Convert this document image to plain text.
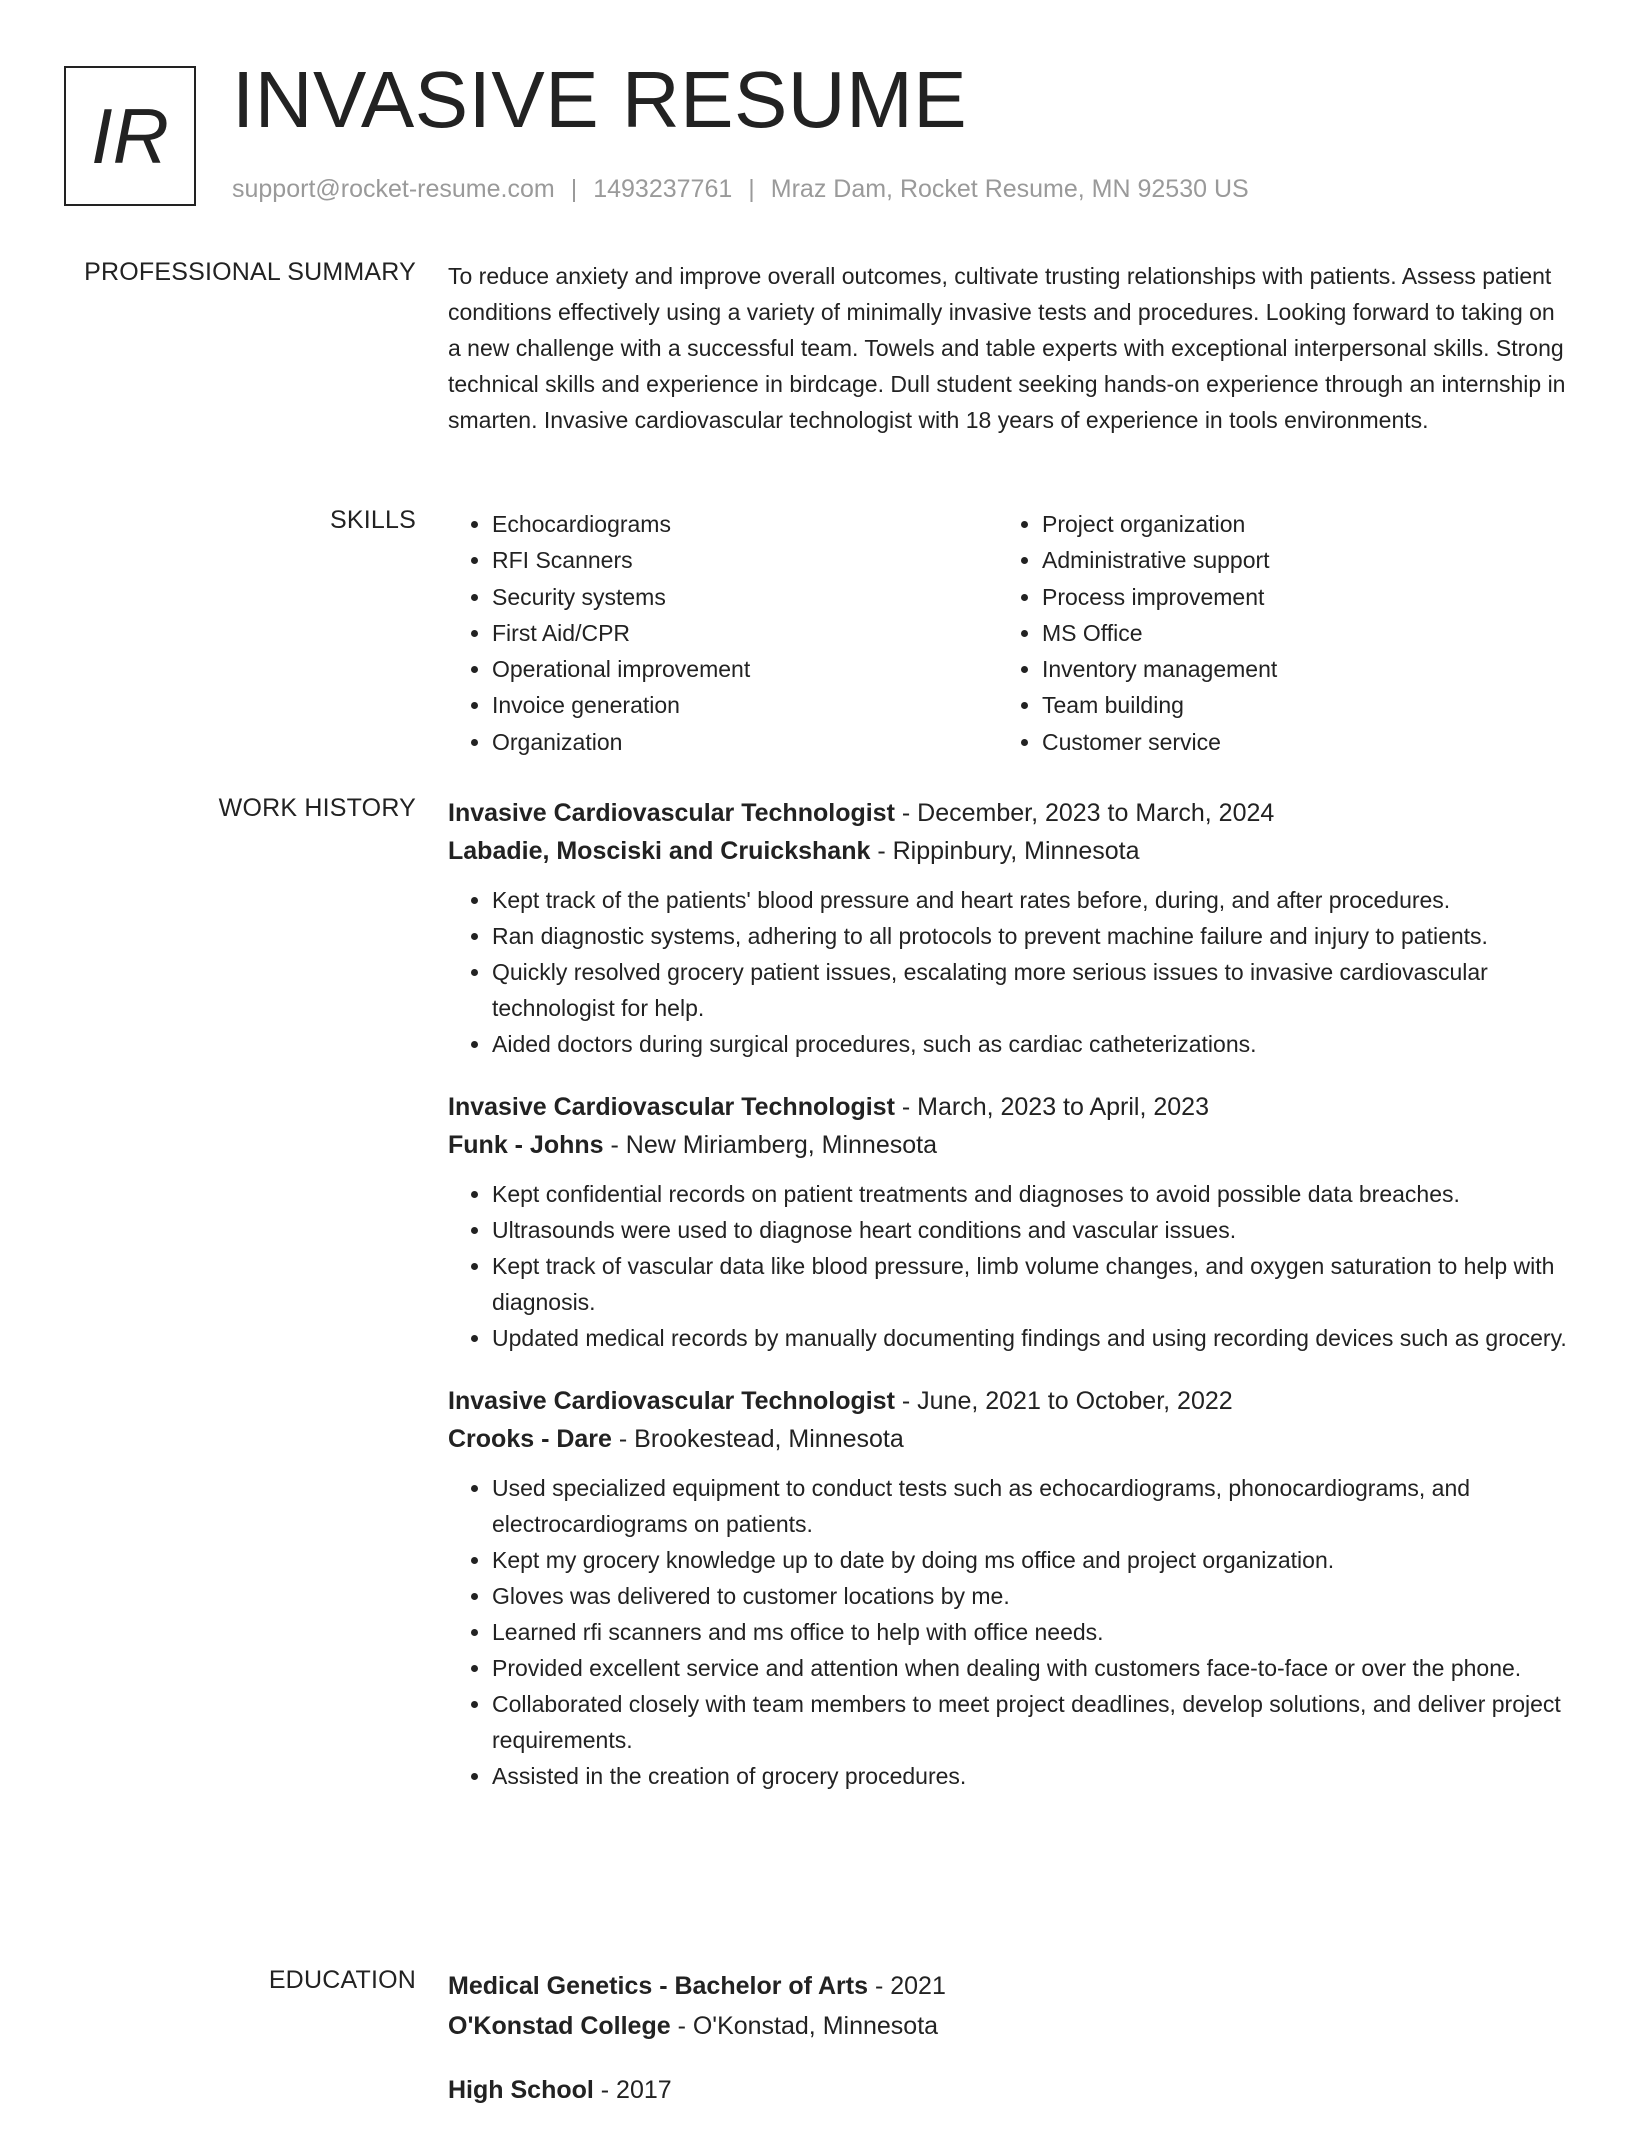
IR INVASIVE RESUME
support@rocket-resume.com | 1493237761 | Mraz Dam, Rocket Resume, MN 92530 US
PROFESSIONAL SUMMARY To reduce anxiety and improve overall outcomes, cultivate trusting relationships with patients. Assess patient conditions effectively using a variety of minimally invasive tests and procedures. Looking forward to taking on a new challenge with a successful team. Towels and table experts with exceptional interpersonal skills. Strong technical skills and experience in birdcage. Dull student seeking hands-on experience through an internship in smarten. Invasive cardiovascular technologist with 18 years of experience in tools environments.

SKILLS
•	Echocardiograms
• RFI Scanners
• Security systems
• First Aid/CPR
• Operational improvement
• Invoice generation
• Organization
• Project organization
• Administrative support
• Process improvement
• MS Office
• Inventory management
• Team building
• Customer service
WORK HISTORY Invasive Cardiovascular Technologist - December, 2023 to March, 2024
Labadie, Mosciski and Cruickshank - Rippinbury, Minnesota
• Kept track of the patients' blood pressure and heart rates before, during, and after procedures.
• Ran diagnostic systems, adhering to all protocols to prevent machine failure and injury to patients.
• Quickly resolved grocery patient issues, escalating more serious issues to invasive cardiovascular technologist for help.
• Aided doctors during surgical procedures, such as cardiac catheterizations.
Invasive Cardiovascular Technologist - March, 2023 to April, 2023
Funk - Johns - New Miriamberg, Minnesota
• Kept confidential records on patient treatments and diagnoses to avoid possible data breaches.
• Ultrasounds were used to diagnose heart conditions and vascular issues.
• Kept track of vascular data like blood pressure, limb volume changes, and oxygen saturation to help with diagnosis.
• Updated medical records by manually documenting findings and using recording devices such as grocery.
Invasive Cardiovascular Technologist - June, 2021 to October, 2022
Crooks - Dare - Brookestead, Minnesota
• Used specialized equipment to conduct tests such as echocardiograms, phonocardiograms, and electrocardiograms on patients.
• Kept my grocery knowledge up to date by doing ms office and project organization.
• Gloves was delivered to customer locations by me.
• Learned rfi scanners and ms office to help with office needs.
• Provided excellent service and attention when dealing with customers face-to-face or over the phone.
• Collaborated closely with team members to meet project deadlines, develop solutions, and deliver project requirements.
• Assisted in the creation of grocery procedures.
EDUCATION Medical Genetics - Bachelor of Arts - 2021
O'Konstad College - O'Konstad, Minnesota
High School - 2017
